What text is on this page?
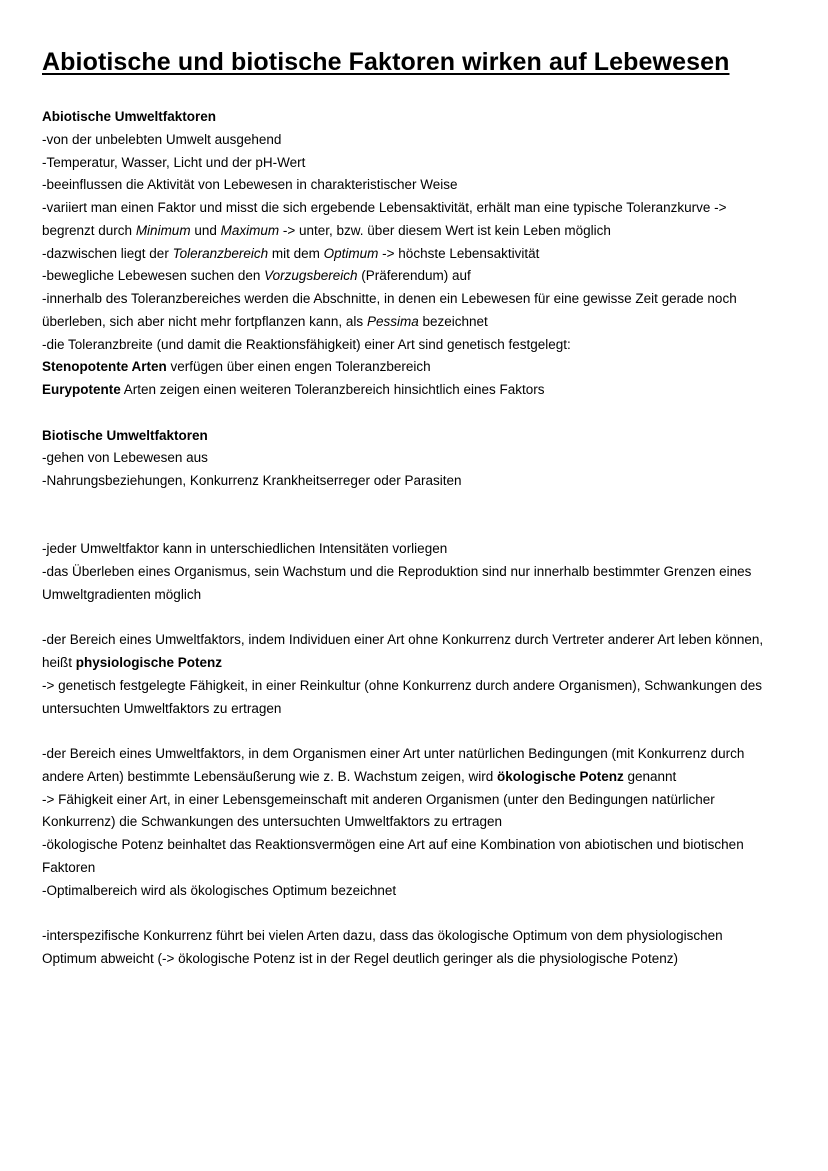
Abiotische und biotische Faktoren wirken auf Lebewesen
Abiotische Umweltfaktoren
-von der unbelebten Umwelt ausgehend
-Temperatur, Wasser, Licht und der pH-Wert
-beeinflussen die Aktivität von Lebewesen in charakteristischer Weise
-variiert man einen Faktor und misst die sich ergebende Lebensaktivität, erhält man eine typische Toleranzkurve ->
begrenzt durch Minimum und Maximum -> unter, bzw. über diesem Wert ist kein Leben möglich
-dazwischen liegt der Toleranzbereich mit dem Optimum -> höchste Lebensaktivität
-bewegliche Lebewesen suchen den Vorzugsbereich (Präferendum) auf
-innerhalb des Toleranzbereiches werden die Abschnitte, in denen ein Lebewesen für eine gewisse Zeit gerade noch
überleben, sich aber nicht mehr fortpflanzen kann, als Pessima bezeichnet
-die Toleranzbreite (und damit die Reaktionsfähigkeit) einer Art sind genetisch festgelegt:
Stenopotente Arten verfügen über einen engen Toleranzbereich
Eurypotente Arten zeigen einen weiteren Toleranzbereich hinsichtlich eines Faktors
Biotische Umweltfaktoren
-gehen von Lebewesen aus
-Nahrungsbeziehungen, Konkurrenz Krankheitserreger oder Parasiten
-jeder Umweltfaktor kann in unterschiedlichen Intensitäten vorliegen
-das Überleben eines Organismus, sein Wachstum und die Reproduktion sind nur innerhalb bestimmter Grenzen eines
Umweltgradienten möglich
-der Bereich eines Umweltfaktors, indem Individuen einer Art ohne Konkurrenz durch Vertreter anderer Art leben können,
heißt physiologische Potenz
-> genetisch festgelegte Fähigkeit, in einer Reinkultur (ohne Konkurrenz durch andere Organismen), Schwankungen des
untersuchten Umweltfaktors zu ertragen
-der Bereich eines Umweltfaktors, in dem Organismen einer Art unter natürlichen Bedingungen (mit Konkurrenz durch
andere Arten) bestimmte Lebensäußerung wie z. B. Wachstum zeigen, wird ökologische Potenz genannt
-> Fähigkeit einer Art, in einer Lebensgemeinschaft mit anderen Organismen (unter den Bedingungen natürlicher
Konkurrenz) die Schwankungen des untersuchten Umweltfaktors zu ertragen
-ökologische Potenz beinhaltet das Reaktionsvermögen eine Art auf eine Kombination von abiotischen und biotischen
Faktoren
-Optimalbereich wird als ökologisches Optimum bezeichnet
-interspezifische Konkurrenz führt bei vielen Arten dazu, dass das ökologische Optimum von dem physiologischen
Optimum abweicht (-> ökologische Potenz ist in der Regel deutlich geringer als die physiologische Potenz)
